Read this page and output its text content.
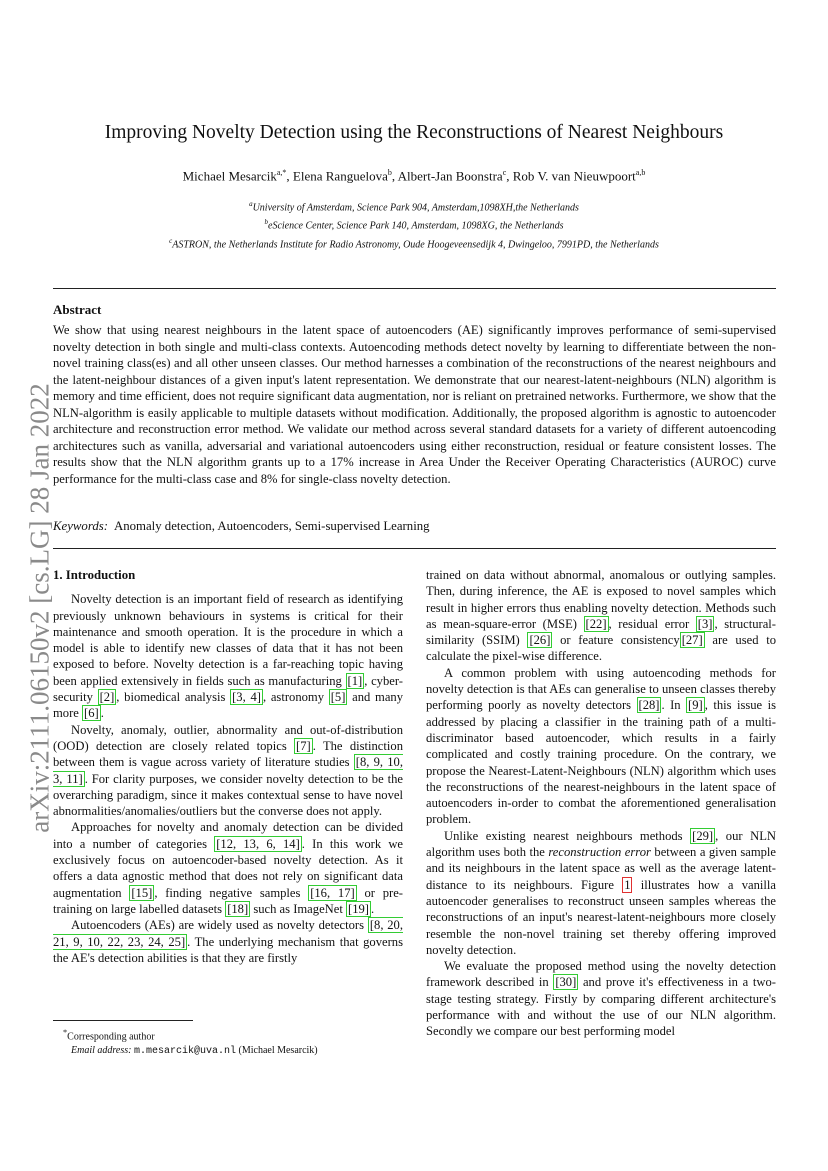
Improving Novelty Detection using the Reconstructions of Nearest Neighbours
Michael Mesarcik$^{a,*}$, Elena Ranguelova$^b$, Albert-Jan Boonstra$^c$, Rob V. van Nieuwpoort$^{a,b}$
$^a$University of Amsterdam, Science Park 904, Amsterdam,1098XH,the Netherlands
$^b$eScience Center, Science Park 140, Amsterdam, 1098XG, the Netherlands
$^c$ASTRON, the Netherlands Institute for Radio Astronomy, Oude Hoogeveensedijk 4, Dwingeloo, 7991PD, the Netherlands
Abstract
We show that using nearest neighbours in the latent space of autoencoders (AE) significantly improves performance of semi-supervised novelty detection in both single and multi-class contexts. Autoencoding methods detect novelty by learning to differentiate between the non-novel training class(es) and all other unseen classes. Our method harnesses a combination of the reconstructions of the nearest neighbours and the latent-neighbour distances of a given input's latent representation. We demonstrate that our nearest-latent-neighbours (NLN) algorithm is memory and time efficient, does not require significant data augmentation, nor is reliant on pretrained networks. Furthermore, we show that the NLN-algorithm is easily applicable to multiple datasets without modification. Additionally, the proposed algorithm is agnostic to autoencoder architecture and reconstruction error method. We validate our method across several standard datasets for a variety of different autoencoding architectures such as vanilla, adversarial and variational autoencoders using either reconstruction, residual or feature consistent losses. The results show that the NLN algorithm grants up to a 17% increase in Area Under the Receiver Operating Characteristics (AUROC) curve performance for the multi-class case and 8% for single-class novelty detection.
Keywords: Anomaly detection, Autoencoders, Semi-supervised Learning
1. Introduction

Novelty detection is an important field of research as identifying previously unknown behaviours in systems is critical for their maintenance and smooth operation. It is the procedure in which a model is able to identify new classes of data that it has not been exposed to before. Novelty detection is a far-reaching topic having been applied extensively in fields such as manufacturing [1] , cyber-security [2] , biomedical analysis [3, 4] , astronomy [5] and many more [6] .

Novelty, anomaly, outlier, abnormality and out-of-distribution (OOD) detection are closely related topics [7] . The distinction between them is vague across variety of literature studies [8, 9, 10, 3, 11] . For clarity purposes, we consider novelty detection to be the overarching paradigm, since it makes contextual sense to have novel abnormalities/anomalies/outliers but the converse does not apply.

Approaches for novelty and anomaly detection can be divided into a number of categories [12, 13, 6, 14] . In this work we exclusively focus on autoencoder-based novelty detection. As it offers a data agnostic method that does not rely on significant data augmentation [15] , finding negative samples [16, 17] or pre-training on large labelled datasets [18] such as ImageNet [19] .

Autoencoders (AEs) are widely used as novelty detectors [8, 20, 21, 9, 10, 22, 23, 24, 25] . The underlying mechanism that governs the AE's detection abilities is that they are firstly

trained on data without abnormal, anomalous or outlying samples. Then, during inference, the AE is exposed to novel samples which result in higher errors thus enabling novelty detection. Methods such as mean-square-error (MSE) [22] , residual error [3] , structural-similarity (SSIM) [26] or feature consistency [27] are used to calculate the pixel-wise difference.

A common problem with using autoencoding methods for novelty detection is that AEs can generalise to unseen classes thereby performing poorly as novelty detectors [28] . In [9] , this issue is addressed by placing a classifier in the training path of a multi-discriminator based autoencoder, which results in a fairly complicated and costly training procedure. On the contrary, we propose the Nearest-Latent-Neighbours (NLN) algorithm which uses the reconstructions of the nearest-neighbours in the latent space of autoencoders in-order to combat the aforementioned generalisation problem.

Unlike existing nearest neighbours methods [29] , our NLN algorithm uses both the reconstruction error between a given sample and its neighbours in the latent space as well as the average latent-distance to its neighbours. Figure 1 illustrates how a vanilla autoencoder generalises to reconstruct unseen samples whereas the reconstructions of an input's nearest-latent-neighbours more closely resemble the non-novel training set thereby offering improved novelty detection.

We evaluate the proposed method using the novelty detection framework described in [30] and prove it's effectiveness in a two-stage testing strategy. Firstly by comparing different architecture's performance with and without the use of our NLN algorithm. Secondly we compare our best performing model

*Corresponding author
Email address: m.mesarcik@uva.nl (Michael Mesarcik)
arXiv:2111.06150v2 [cs.LG] 28 Jan 2022
